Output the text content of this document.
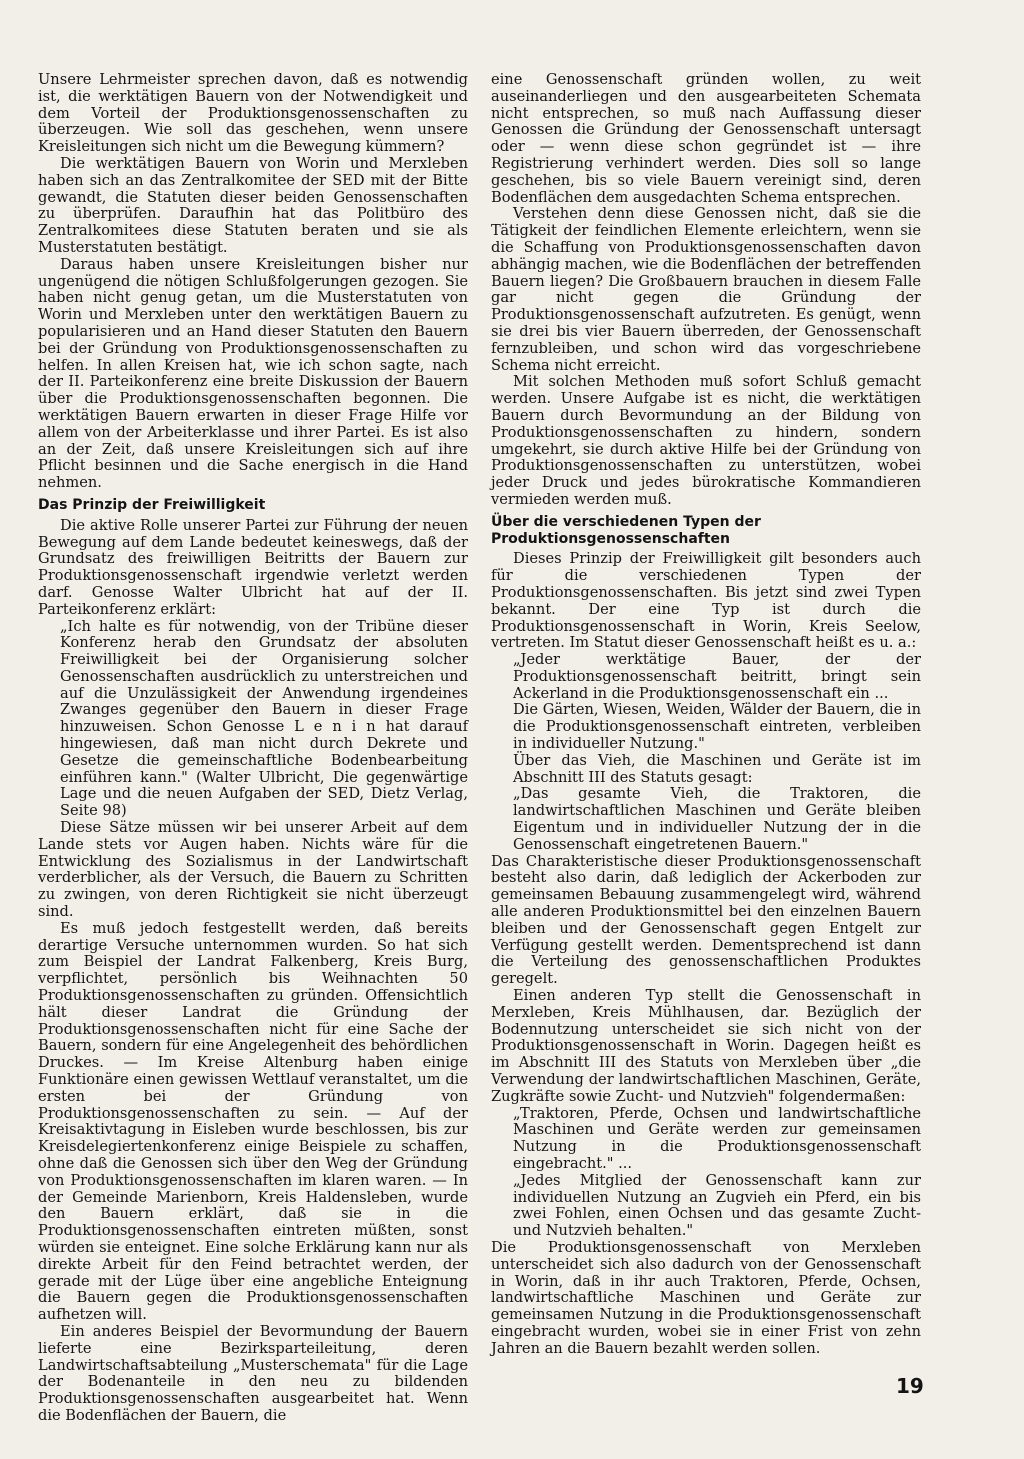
Unsere Lehrmeister sprechen davon, daß es notwendig ist, die werktätigen Bauern von der Notwendigkeit und dem Vorteil der Produktionsgenossenschaften zu überzeugen. Wie soll das geschehen, wenn unsere Kreisleitungen sich nicht um die Bewegung kümmern?

Die werktätigen Bauern von Worin und Merxleben haben sich an das Zentralkomitee der SED mit der Bitte gewandt, die Statuten dieser beiden Genossenschaften zu überprüfen. Daraufhin hat das Politbüro des Zentralkomitees diese Statuten beraten und sie als Musterstatuten bestätigt.

Daraus haben unsere Kreisleitungen bisher nur ungenügend die nötigen Schlußfolgerungen gezogen. Sie haben nicht genug getan, um die Musterstatuten von Worin und Merxleben unter den werktätigen Bauern zu popularisieren und an Hand dieser Statuten den Bauern bei der Gründung von Produktionsgenossenschaften zu helfen. In allen Kreisen hat, wie ich schon sagte, nach der II. Parteikonferenz eine breite Diskussion der Bauern über die Produktionsgenossenschaften begonnen. Die werktätigen Bauern erwarten in dieser Frage Hilfe vor allem von der Arbeiterklasse und ihrer Partei. Es ist also an der Zeit, daß unsere Kreisleitungen sich auf ihre Pflicht besinnen und die Sache energisch in die Hand nehmen.

Das Prinzip der Freiwilligkeit

Die aktive Rolle unserer Partei zur Führung der neuen Bewegung auf dem Lande bedeutet keineswegs, daß der Grundsatz des freiwilligen Beitritts der Bauern zur Produktionsgenossenschaft irgendwie verletzt werden darf. Genosse Walter Ulbricht hat auf der II. Parteikonferenz erklärt:

„Ich halte es für notwendig, von der Tribüne dieser Konferenz herab den Grundsatz der absoluten Freiwilligkeit bei der Organisierung solcher Genossenschaften ausdrücklich zu unterstreichen und auf die Unzulässigkeit der Anwendung irgendeines Zwanges gegenüber den Bauern in dieser Frage hinzuweisen. Schon Genosse L e n i n hat darauf hingewiesen, daß man nicht durch Dekrete und Gesetze die gemeinschaftliche Bodenbearbeitung einführen kann." (Walter Ulbricht, Die gegenwärtige Lage und die neuen Aufgaben der SED, Dietz Verlag, Seite 98)

Diese Sätze müssen wir bei unserer Arbeit auf dem Lande stets vor Augen haben. Nichts wäre für die Entwicklung des Sozialismus in der Landwirtschaft verderblicher, als der Versuch, die Bauern zu Schritten zu zwingen, von deren Richtigkeit sie nicht überzeugt sind.

Es muß jedoch festgestellt werden, daß bereits derartige Versuche unternommen wurden. So hat sich zum Beispiel der Landrat Falkenberg, Kreis Burg, verpflichtet, persönlich bis Weihnachten 50 Produktionsgenossenschaften zu gründen. Offensichtlich hält dieser Landrat die Gründung der Produktionsgenossenschaften nicht für eine Sache der Bauern, sondern für eine Angelegenheit des behördlichen Druckes. — Im Kreise Altenburg haben einige Funktionäre einen gewissen Wettlauf veranstaltet, um die ersten bei der Gründung von Produktionsgenossenschaften zu sein. — Auf der Kreisaktivtagung in Eisleben wurde beschlossen, bis zur Kreisdelegiertenkonferenz einige Beispiele zu schaffen, ohne daß die Genossen sich über den Weg der Gründung von Produktionsgenossenschaften im klaren waren. — In der Gemeinde Marienborn, Kreis Haldensleben, wurde den Bauern erklärt, daß sie in die Produktionsgenossenschaften eintreten müßten, sonst würden sie enteignet. Eine solche Erklärung kann nur als direkte Arbeit für den Feind betrachtet werden, der gerade mit der Lüge über eine angebliche Enteignung die Bauern gegen die Produktionsgenossenschaften aufhetzen will.

Ein anderes Beispiel der Bevormundung der Bauern lieferte eine Bezirksparteileitung, deren Landwirtschaftsabteilung „Musterschemata" für die Lage der Bodenanteile in den neu zu bildenden Produktionsgenossenschaften ausgearbeitet hat. Wenn die Bodenflächen der Bauern, die

eine Genossenschaft gründen wollen, zu weit auseinanderliegen und den ausgearbeiteten Schemata nicht entsprechen, so muß nach Auffassung dieser Genossen die Gründung der Genossenschaft untersagt oder — wenn diese schon gegründet ist — ihre Registrierung verhindert werden. Dies soll so lange geschehen, bis so viele Bauern vereinigt sind, deren Bodenflächen dem ausgedachten Schema entsprechen.

Verstehen denn diese Genossen nicht, daß sie die Tätigkeit der feindlichen Elemente erleichtern, wenn sie die Schaffung von Produktionsgenossenschaften davon abhängig machen, wie die Bodenflächen der betreffenden Bauern liegen? Die Großbauern brauchen in diesem Falle gar nicht gegen die Gründung der Produktionsgenossenschaft aufzutreten. Es genügt, wenn sie drei bis vier Bauern überreden, der Genossenschaft fernzubleiben, und schon wird das vorgeschriebene Schema nicht erreicht.

Mit solchen Methoden muß sofort Schluß gemacht werden. Unsere Aufgabe ist es nicht, die werktätigen Bauern durch Bevormundung an der Bildung von Produktionsgenossenschaften zu hindern, sondern umgekehrt, sie durch aktive Hilfe bei der Gründung von Produktionsgenossenschaften zu unterstützen, wobei jeder Druck und jedes bürokratische Kommandieren vermieden werden muß.

Über die verschiedenen Typen der Produktionsgenossenschaften

Dieses Prinzip der Freiwilligkeit gilt besonders auch für die verschiedenen Typen der Produktionsgenossenschaften. Bis jetzt sind zwei Typen bekannt. Der eine Typ ist durch die Produktionsgenossenschaft in Worin, Kreis Seelow, vertreten. Im Statut dieser Genossenschaft heißt es u. a.:

„Jeder werktätige Bauer, der der Produktionsgenossenschaft beitritt, bringt sein Ackerland in die Produktionsgenossenschaft ein ...

Die Gärten, Wiesen, Weiden, Wälder der Bauern, die in die Produktionsgenossenschaft eintreten, verbleiben in individueller Nutzung."

Über das Vieh, die Maschinen und Geräte ist im Abschnitt III des Statuts gesagt:

„Das gesamte Vieh, die Traktoren, die landwirtschaftlichen Maschinen und Geräte bleiben Eigentum und in individueller Nutzung der in die Genossenschaft eingetretenen Bauern."

Das Charakteristische dieser Produktionsgenossenschaft besteht also darin, daß lediglich der Ackerboden zur gemeinsamen Bebauung zusammengelegt wird, während alle anderen Produktionsmittel bei den einzelnen Bauern bleiben und der Genossenschaft gegen Entgelt zur Verfügung gestellt werden. Dementsprechend ist dann die Verteilung des genossenschaftlichen Produktes geregelt.

Einen anderen Typ stellt die Genossenschaft in Merxleben, Kreis Mühlhausen, dar. Bezüglich der Bodennutzung unterscheidet sie sich nicht von der Produktionsgenossenschaft in Worin. Dagegen heißt es im Abschnitt III des Statuts von Merxleben über „die Verwendung der landwirtschaftlichen Maschinen, Geräte, Zugkräfte sowie Zucht- und Nutzvieh" folgendermaßen:

„Traktoren, Pferde, Ochsen und landwirtschaftliche Maschinen und Geräte werden zur gemeinsamen Nutzung in die Produktionsgenossenschaft eingebracht." ...

„Jedes Mitglied der Genossenschaft kann zur individuellen Nutzung an Zugvieh ein Pferd, ein bis zwei Fohlen, einen Ochsen und das gesamte Zucht- und Nutzvieh behalten."

Die Produktionsgenossenschaft von Merxleben unterscheidet sich also dadurch von der Genossenschaft in Worin, daß in ihr auch Traktoren, Pferde, Ochsen, landwirtschaftliche Maschinen und Geräte zur gemeinsamen Nutzung in die Produktionsgenossenschaft eingebracht wurden, wobei sie in einer Frist von zehn Jahren an die Bauern bezahlt werden sollen.

19
